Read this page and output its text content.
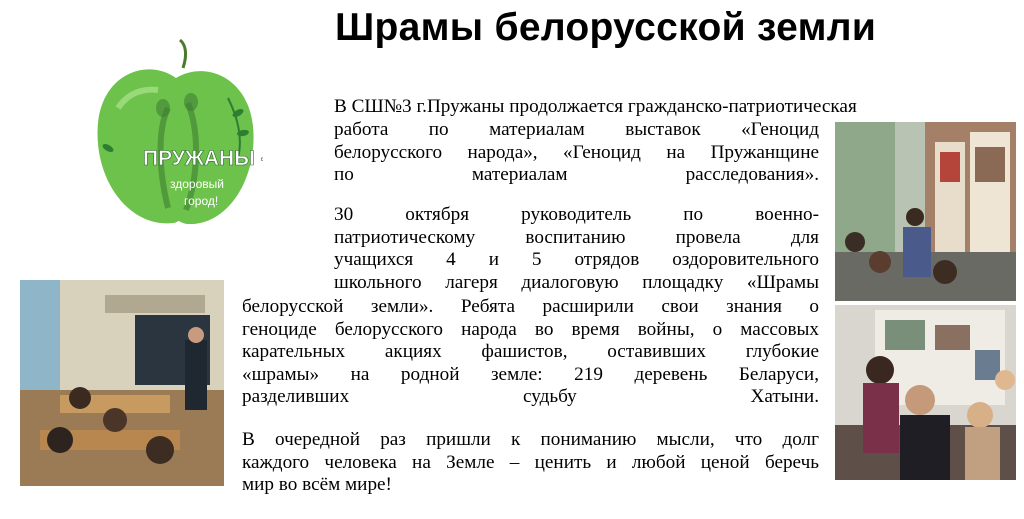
Шрамы белорусской земли
ПРУЖАНЫ -
здоровый
город!

В СШ№3 г.Пружаны продолжается гражданско-патриотическая

работа по материалам выставок «Геноцид
белорусского народа», «Геноцид на Пружанщине
по материалам расследования».

30 октября руководитель по военно-
патриотическому воспитанию провела для
учащихся 4 и 5 отрядов оздоровительного
школьного лагеря диалоговую площадку «Шрамы

белорусской земли». Ребята расширили свои знания о
геноциде белорусского народа во время войны, о массовых
карательных акциях фашистов, оставивших глубокие
«шрамы» на родной земле: 219 деревень Беларуси,
разделивших судьбу Хатыни.

В очередной раз пришли к пониманию мысли, что долг
каждого человека на Земле – ценить и любой ценой беречь

мир во всём мире!
